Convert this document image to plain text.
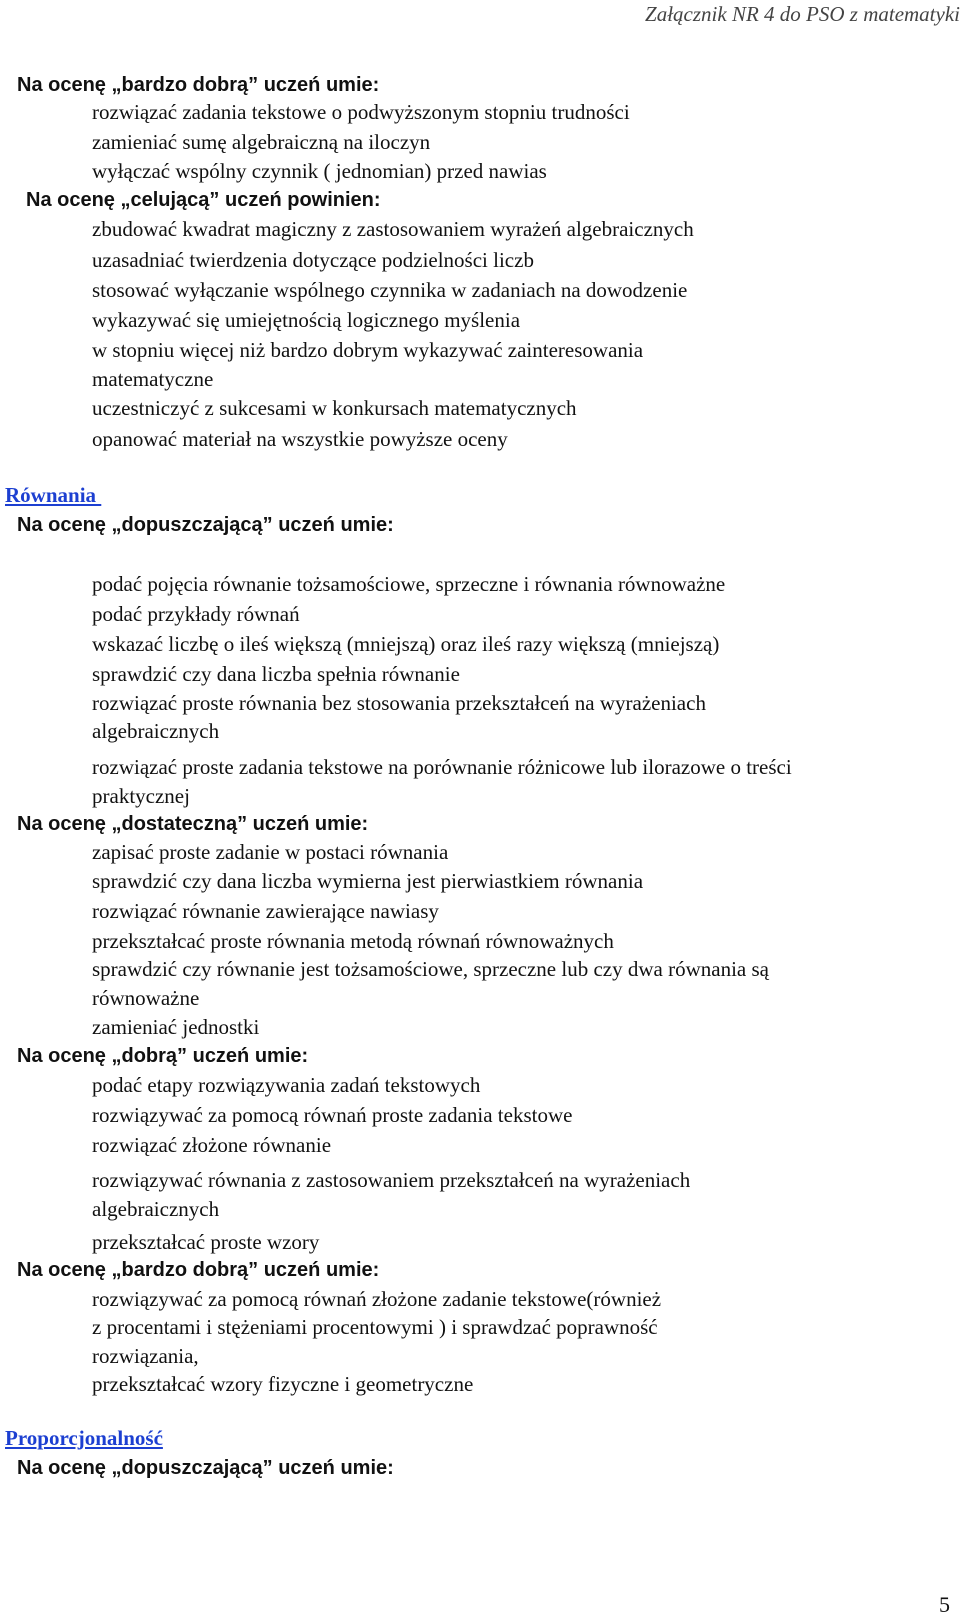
Załącznik NR 4 do PSO z matematyki
Na ocenę „bardzo dobrą” uczeń umie:
rozwiązać zadania tekstowe o podwyższonym stopniu trudności
zamieniać sumę algebraiczną na iloczyn
wyłączać wspólny czynnik ( jednomian) przed nawias
Na ocenę „celującą” uczeń powinien:
zbudować kwadrat magiczny z zastosowaniem wyrażeń algebraicznych
uzasadniać twierdzenia dotyczące podzielności liczb
stosować wyłączanie wspólnego czynnika w zadaniach na dowodzenie
wykazywać się umiejętnością logicznego myślenia
w stopniu więcej niż bardzo dobrym wykazywać zainteresowania
matematyczne
uczestniczyć z sukcesami w konkursach matematycznych
opanować materiał na wszystkie powyższe oceny
Równania
Na ocenę „dopuszczającą” uczeń umie:
podać pojęcia równanie tożsamościowe, sprzeczne i równania równoważne
podać przykłady równań
wskazać liczbę o ileś większą (mniejszą) oraz ileś razy większą (mniejszą)
sprawdzić czy dana liczba spełnia równanie
rozwiązać proste równania bez stosowania przekształceń na wyrażeniach
algebraicznych
rozwiązać proste zadania tekstowe na porównanie różnicowe lub ilorazowe o treści
praktycznej
Na ocenę „dostateczną” uczeń umie:
zapisać proste zadanie w postaci równania
sprawdzić czy dana liczba wymierna jest pierwiastkiem równania
rozwiązać równanie zawierające nawiasy
przekształcać proste równania metodą równań równoważnych
sprawdzić czy równanie jest tożsamościowe, sprzeczne lub czy dwa równania są
równoważne
zamieniać jednostki
Na ocenę „dobrą” uczeń umie:
podać etapy rozwiązywania zadań tekstowych
rozwiązywać za pomocą równań proste zadania tekstowe
rozwiązać złożone równanie
rozwiązywać równania z zastosowaniem przekształceń na wyrażeniach
algebraicznych
przekształcać proste wzory
Na ocenę „bardzo dobrą” uczeń umie:
rozwiązywać za pomocą równań złożone zadanie tekstowe(również
z procentami i stężeniami procentowymi ) i sprawdzać poprawność
rozwiązania,
przekształcać wzory fizyczne i geometryczne
Proporcjonalność
Na ocenę „dopuszczającą” uczeń umie:
5
